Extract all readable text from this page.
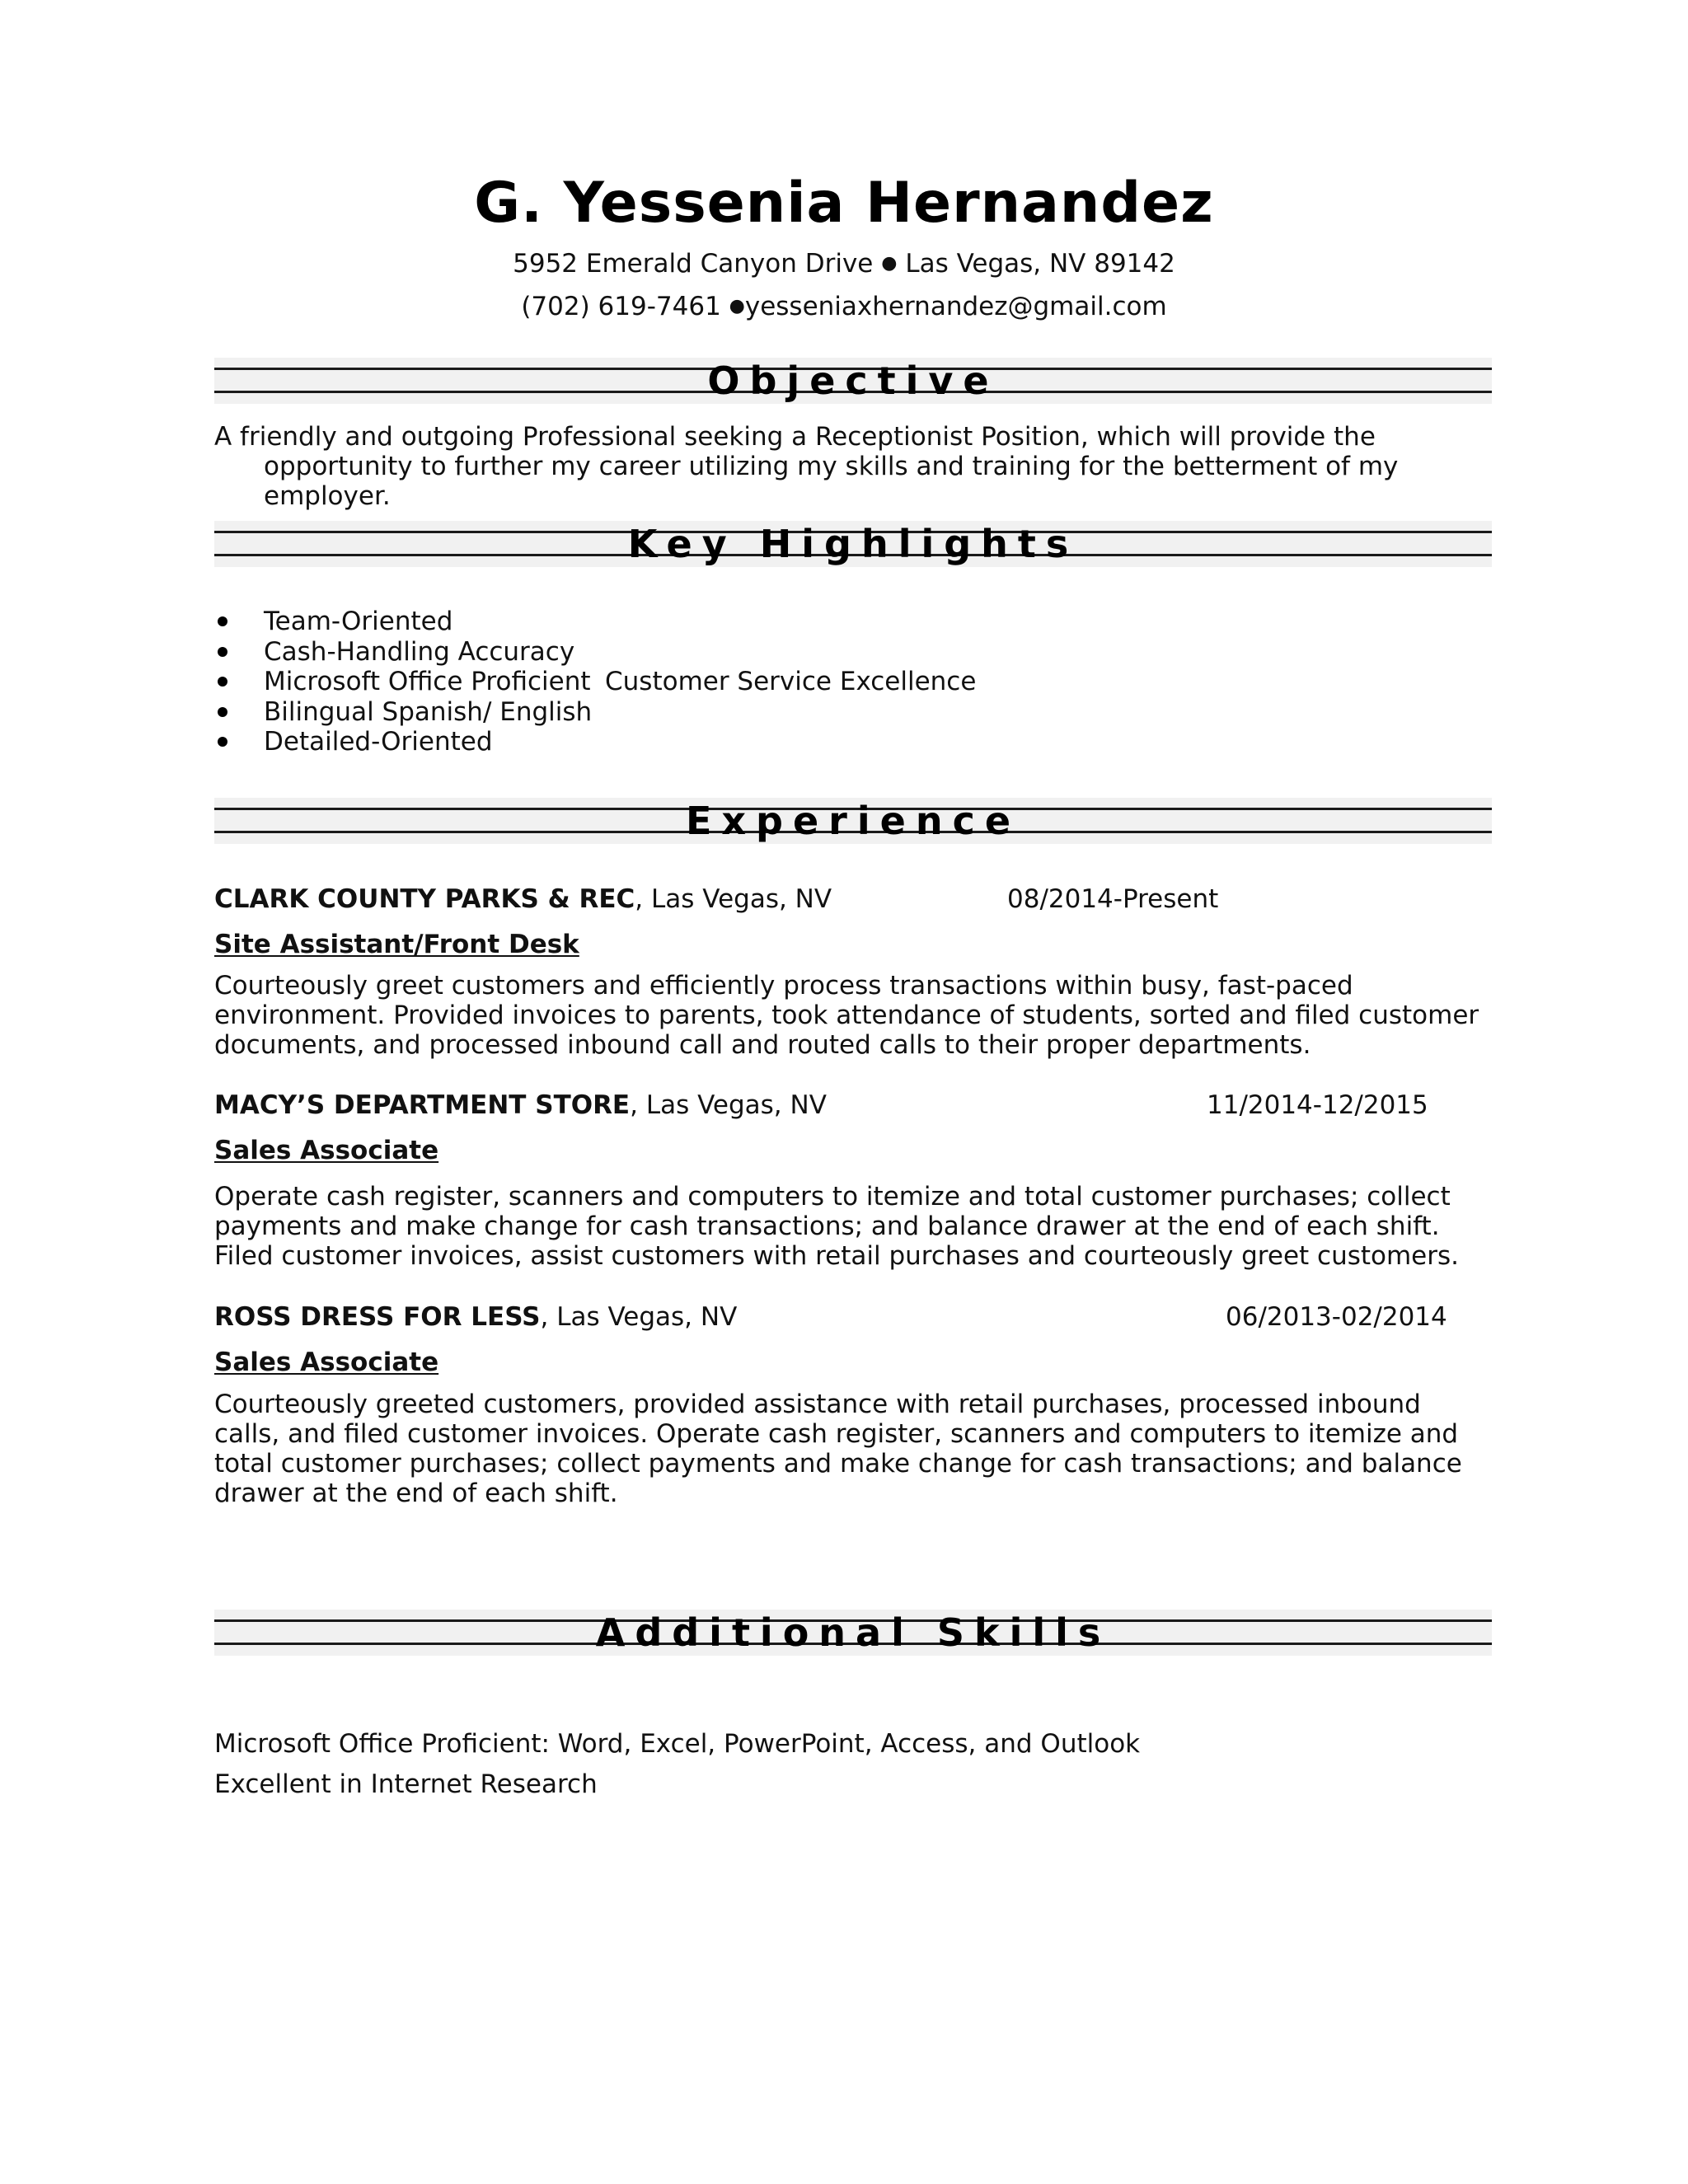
G. Yessenia Hernandez
5952 Emerald Canyon Drive ● Las Vegas, NV 89142
(702) 619-7461 ●yesseniaxhernandez@gmail.com
Objective
A friendly and outgoing Professional seeking a Receptionist Position, which will provide the opportunity to further my career utilizing my skills and training for the betterment of my employer.
Key Highlights
Team-Oriented
Cash-Handling Accuracy
Microsoft Office Proficient Customer Service Excellence
Bilingual Spanish/ English
Detailed-Oriented
Experience
CLARK COUNTY PARKS & REC, Las Vegas, NV	08/2014-Present
Site Assistant/Front Desk
Courteously greet customers and efficiently process transactions within busy, fast-paced environment. Provided invoices to parents, took attendance of students, sorted and filed customer documents, and processed inbound call and routed calls to their proper departments.
MACY’S DEPARTMENT STORE, Las Vegas, NV	11/2014-12/2015
Sales Associate
Operate cash register, scanners and computers to itemize and total customer purchases; collect payments and make change for cash transactions; and balance drawer at the end of each shift. Filed customer invoices, assist customers with retail purchases and courteously greet customers.
ROSS DRESS FOR LESS, Las Vegas, NV	06/2013-02/2014
Sales Associate
Courteously greeted customers, provided assistance with retail purchases, processed inbound calls, and filed customer invoices. Operate cash register, scanners and computers to itemize and total customer purchases; collect payments and make change for cash transactions; and balance drawer at the end of each shift.
Additional Skills
Microsoft Office Proficient: Word, Excel, PowerPoint, Access, and Outlook
Excellent in Internet Research
